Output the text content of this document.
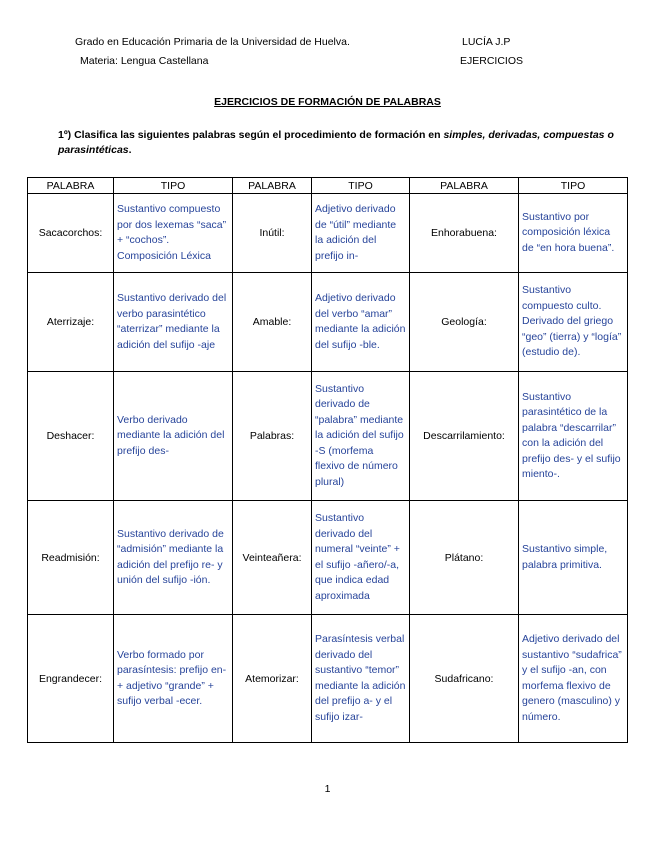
Grado en Educación Primaria de la Universidad de Huelva.
Materia: Lengua Castellana
LUCÍA J.P
EJERCICIOS
EJERCICIOS DE FORMACIÓN DE PALABRAS
1º) Clasifica las siguientes palabras según el procedimiento de formación en simples, derivadas, compuestas o parasintéticas.
PALABRA	TIPO	PALABRA	TIPO	PALABRA	TIPO
Sacacorchos:	Sustantivo compuesto por dos lexemas “saca” + “cochos”. Composición Léxica	Inútil:	Adjetivo derivado de “útil” mediante la adición del prefijo in-	Enhorabuena:	Sustantivo por composición léxica de “en hora buena”.
Aterrizaje:	Sustantivo derivado del verbo parasintético “aterrizar” mediante la adición del sufijo -aje	Amable:	Adjetivo derivado del verbo “amar” mediante la adición del sufijo -ble.	Geología:	Sustantivo compuesto culto. Derivado del griego “geo” (tierra) y “logía” (estudio de).
Deshacer:	Verbo derivado mediante la adición del prefijo des-	Palabras:	Sustantivo derivado de “palabra” mediante la adición del sufijo -S (morfema flexivo de número plural)	Descarrilamiento:	Sustantivo parasintético de la palabra “descarrilar” con la adición del prefijo des- y el sufijo miento-.
Readmisión:	Sustantivo derivado de “admisión” mediante la adición del prefijo re- y unión del sufijo -ión.	Veinteañera:	Sustantivo derivado del numeral “veinte” + el sufijo -añero/-a, que indica edad aproximada	Plátano:	Sustantivo simple, palabra primitiva.
Engrandecer:	Verbo formado por parasíntesis: prefijo en- + adjetivo “grande” + sufijo verbal -ecer.	Atemorizar:	Parasíntesis verbal derivado del sustantivo “temor” mediante la adición del prefijo a- y el sufijo izar-	Sudafricano:	Adjetivo derivado del sustantivo “sudafrica” y el sufijo -an, con morfema flexivo de genero (masculino) y número.
1
